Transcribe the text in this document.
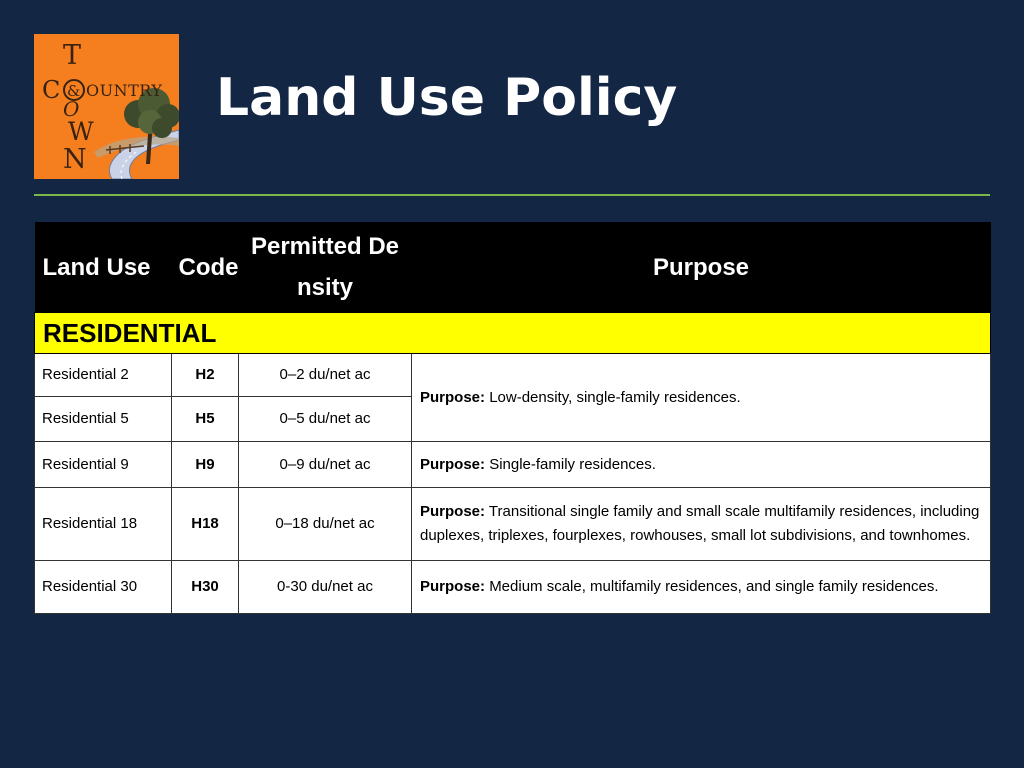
T
C & OUNTRY
O
W
N
Land Use Policy
Land Use	Code	Permitted Density	Purpose
RESIDENTIAL			
Residential 2	H2	0–2 du/net ac	Purpose: Low-density, single-family residences.
Residential 5	H5	0–5 du/net ac	
Residential 9	H9	0–9 du/net ac	Purpose: Single-family residences.
Residential 18	H18	0–18 du/net ac	Purpose: Transitional single family and small scale multifamily residences, including duplexes, triplexes, fourplexes, rowhouses, small lot subdivisions, and townhomes.
Residential 30	H30	0-30 du/net ac	Purpose: Medium scale, multifamily residences, and single family residences.
